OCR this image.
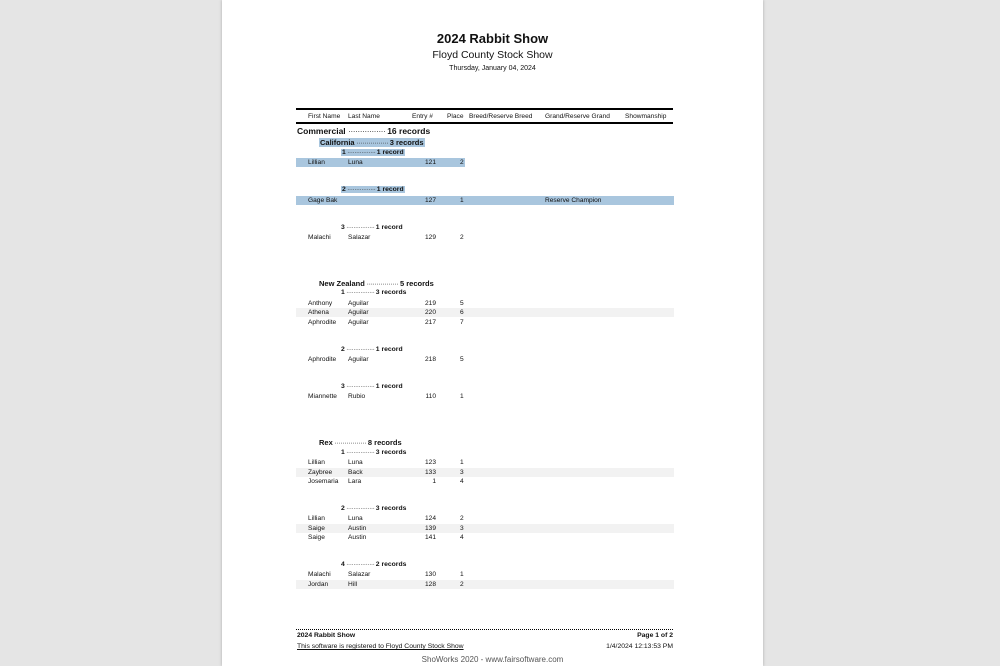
2024 Rabbit Show
Floyd County Stock Show
Thursday, January 04, 2024
First Name Last Name	Entry # Place Breed/Reserve Breed Grand/Reserve Grand Showmanship
Commercial ················ 16 records
California ················ 3 records
1 ················ 1 record
Lillian	Luna	121	2
2 ················ 1 record
Gage Bak	127	1	Reserve Champion
3 ················ 1 record
Malachi	Salazar	129	2
New Zealand ················ 5 records
1 ················ 3 records
Anthony Aguilar	219	5
Athena	Aguilar	220	6
Aphrodite Aguilar	217	7
2 ················ 1 record
Aphrodite Aguilar	218	5
3 ················ 1 record
Miannette Rubio	110	1
Rex ················ 8 records
1 ················ 3 records
Lillian	Luna	123	1
Zaybree Back	133	3
Josemaria Lara	1	4
2 ················ 3 records
Lillian	Luna	124	2
Saige	Austin	139	3
Saige	Austin	141	4
4 ················ 2 records
Malachi	Salazar	130	1
Jordan	Hill	128	2
2024 Rabbit Show	Page 1 of 2
This software is registered to Floyd County Stock Show	1/4/2024 12:13:53 PM
ShoWorks 2020 - www.fairsoftware.com
